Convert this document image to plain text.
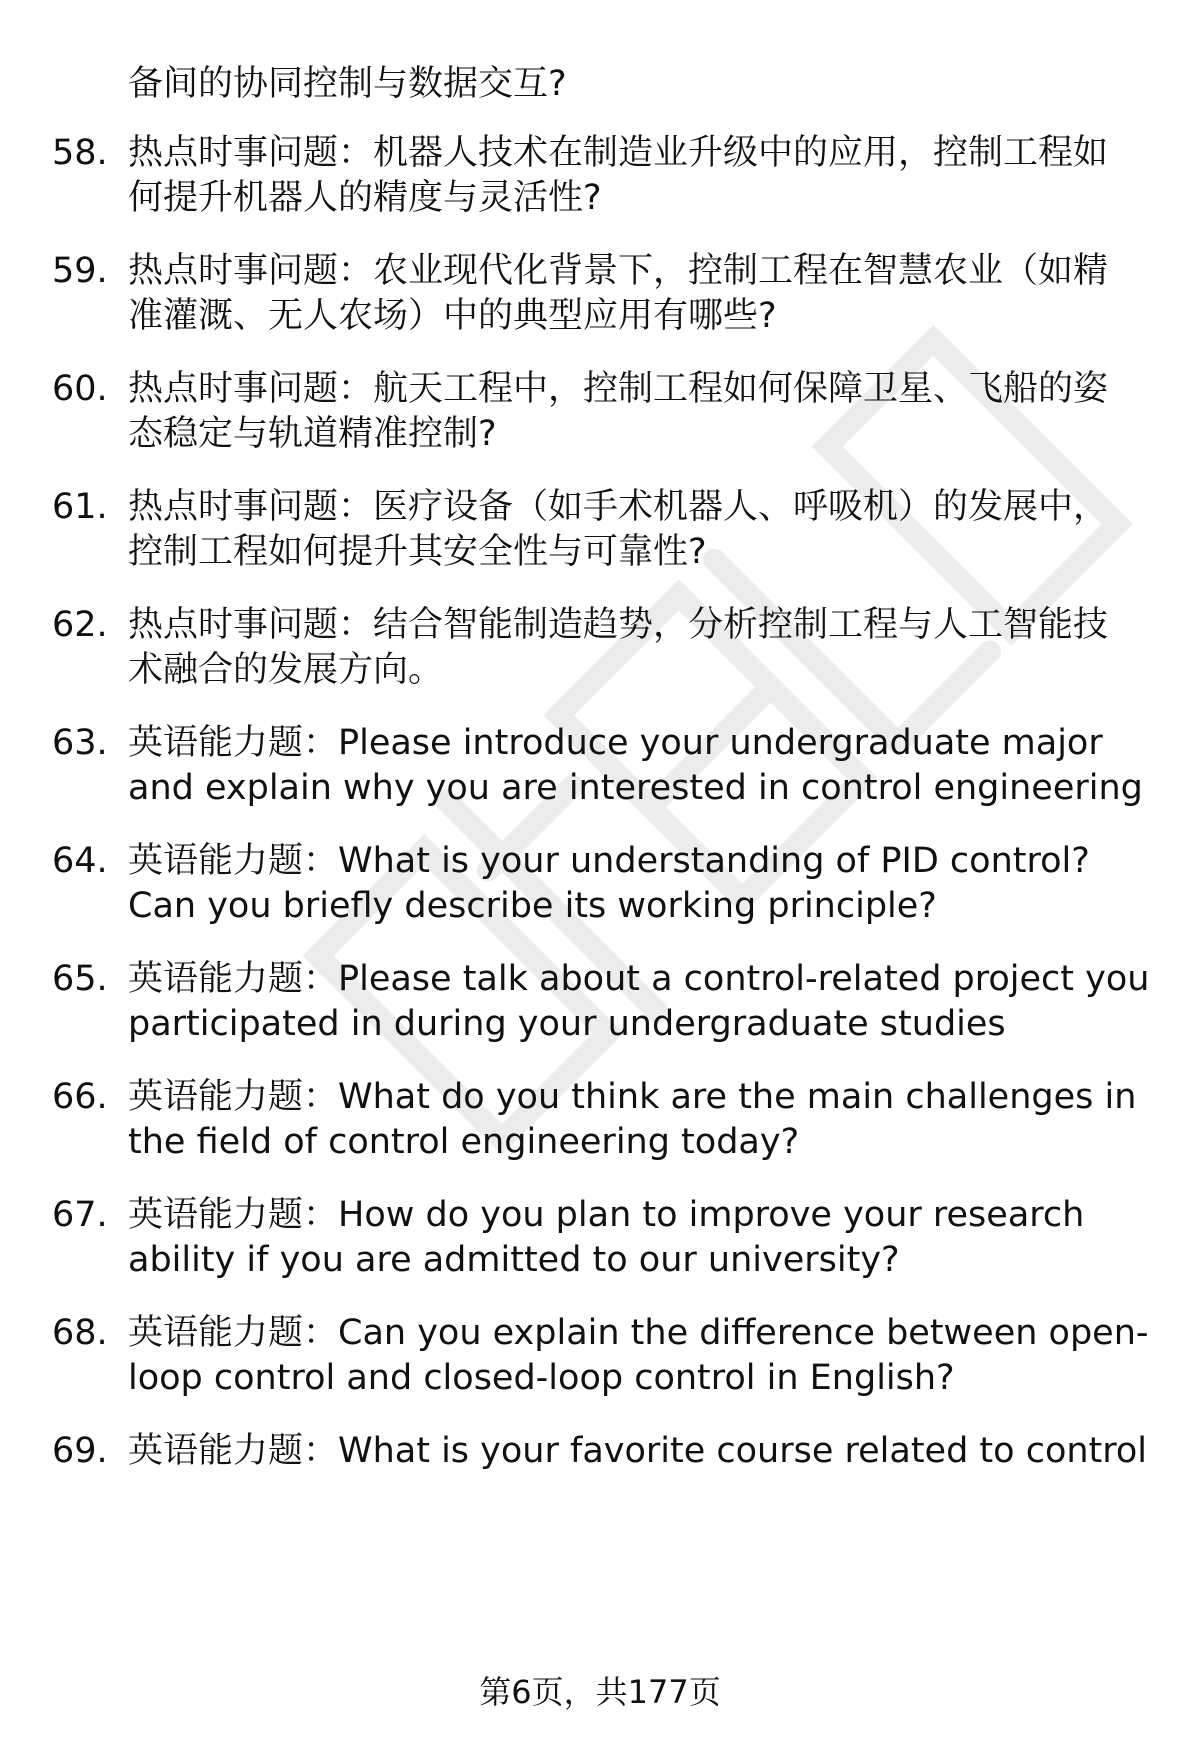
备间的协同控制与数据交互?
58. 热点时事问题：机器人技术在制造业升级中的应用，控制工程如
何提升机器人的精度与灵活性?
59. 热点时事问题：农业现代化背景下，控制工程在智慧农业（如精
准灌溉、无人农场）中的典型应用有哪些?
60. 热点时事问题：航天工程中，控制工程如何保障卫星、飞船的姿
态稳定与轨道精准控制?
61. 热点时事问题：医疗设备（如手术机器人、呼吸机）的发展中，
控制工程如何提升其安全性与可靠性?
62. 热点时事问题：结合智能制造趋势，分析控制工程与人工智能技
术融合的发展方向。
63. 英语能力题：Please introduce your undergraduate major
and explain why you are interested in control engineering
64. 英语能力题：What is your understanding of PID control?
Can you briefly describe its working principle?
65. 英语能力题：Please talk about a control-related project you
participated in during your undergraduate studies
66. 英语能力题：What do you think are the main challenges in
the field of control engineering today?
67. 英语能力题：How do you plan to improve your research
ability if you are admitted to our university?
68. 英语能力题：Can you explain the difference between open-
loop control and closed-loop control in English?
69. 英语能力题：What is your favorite course related to control
第6页，共177页
